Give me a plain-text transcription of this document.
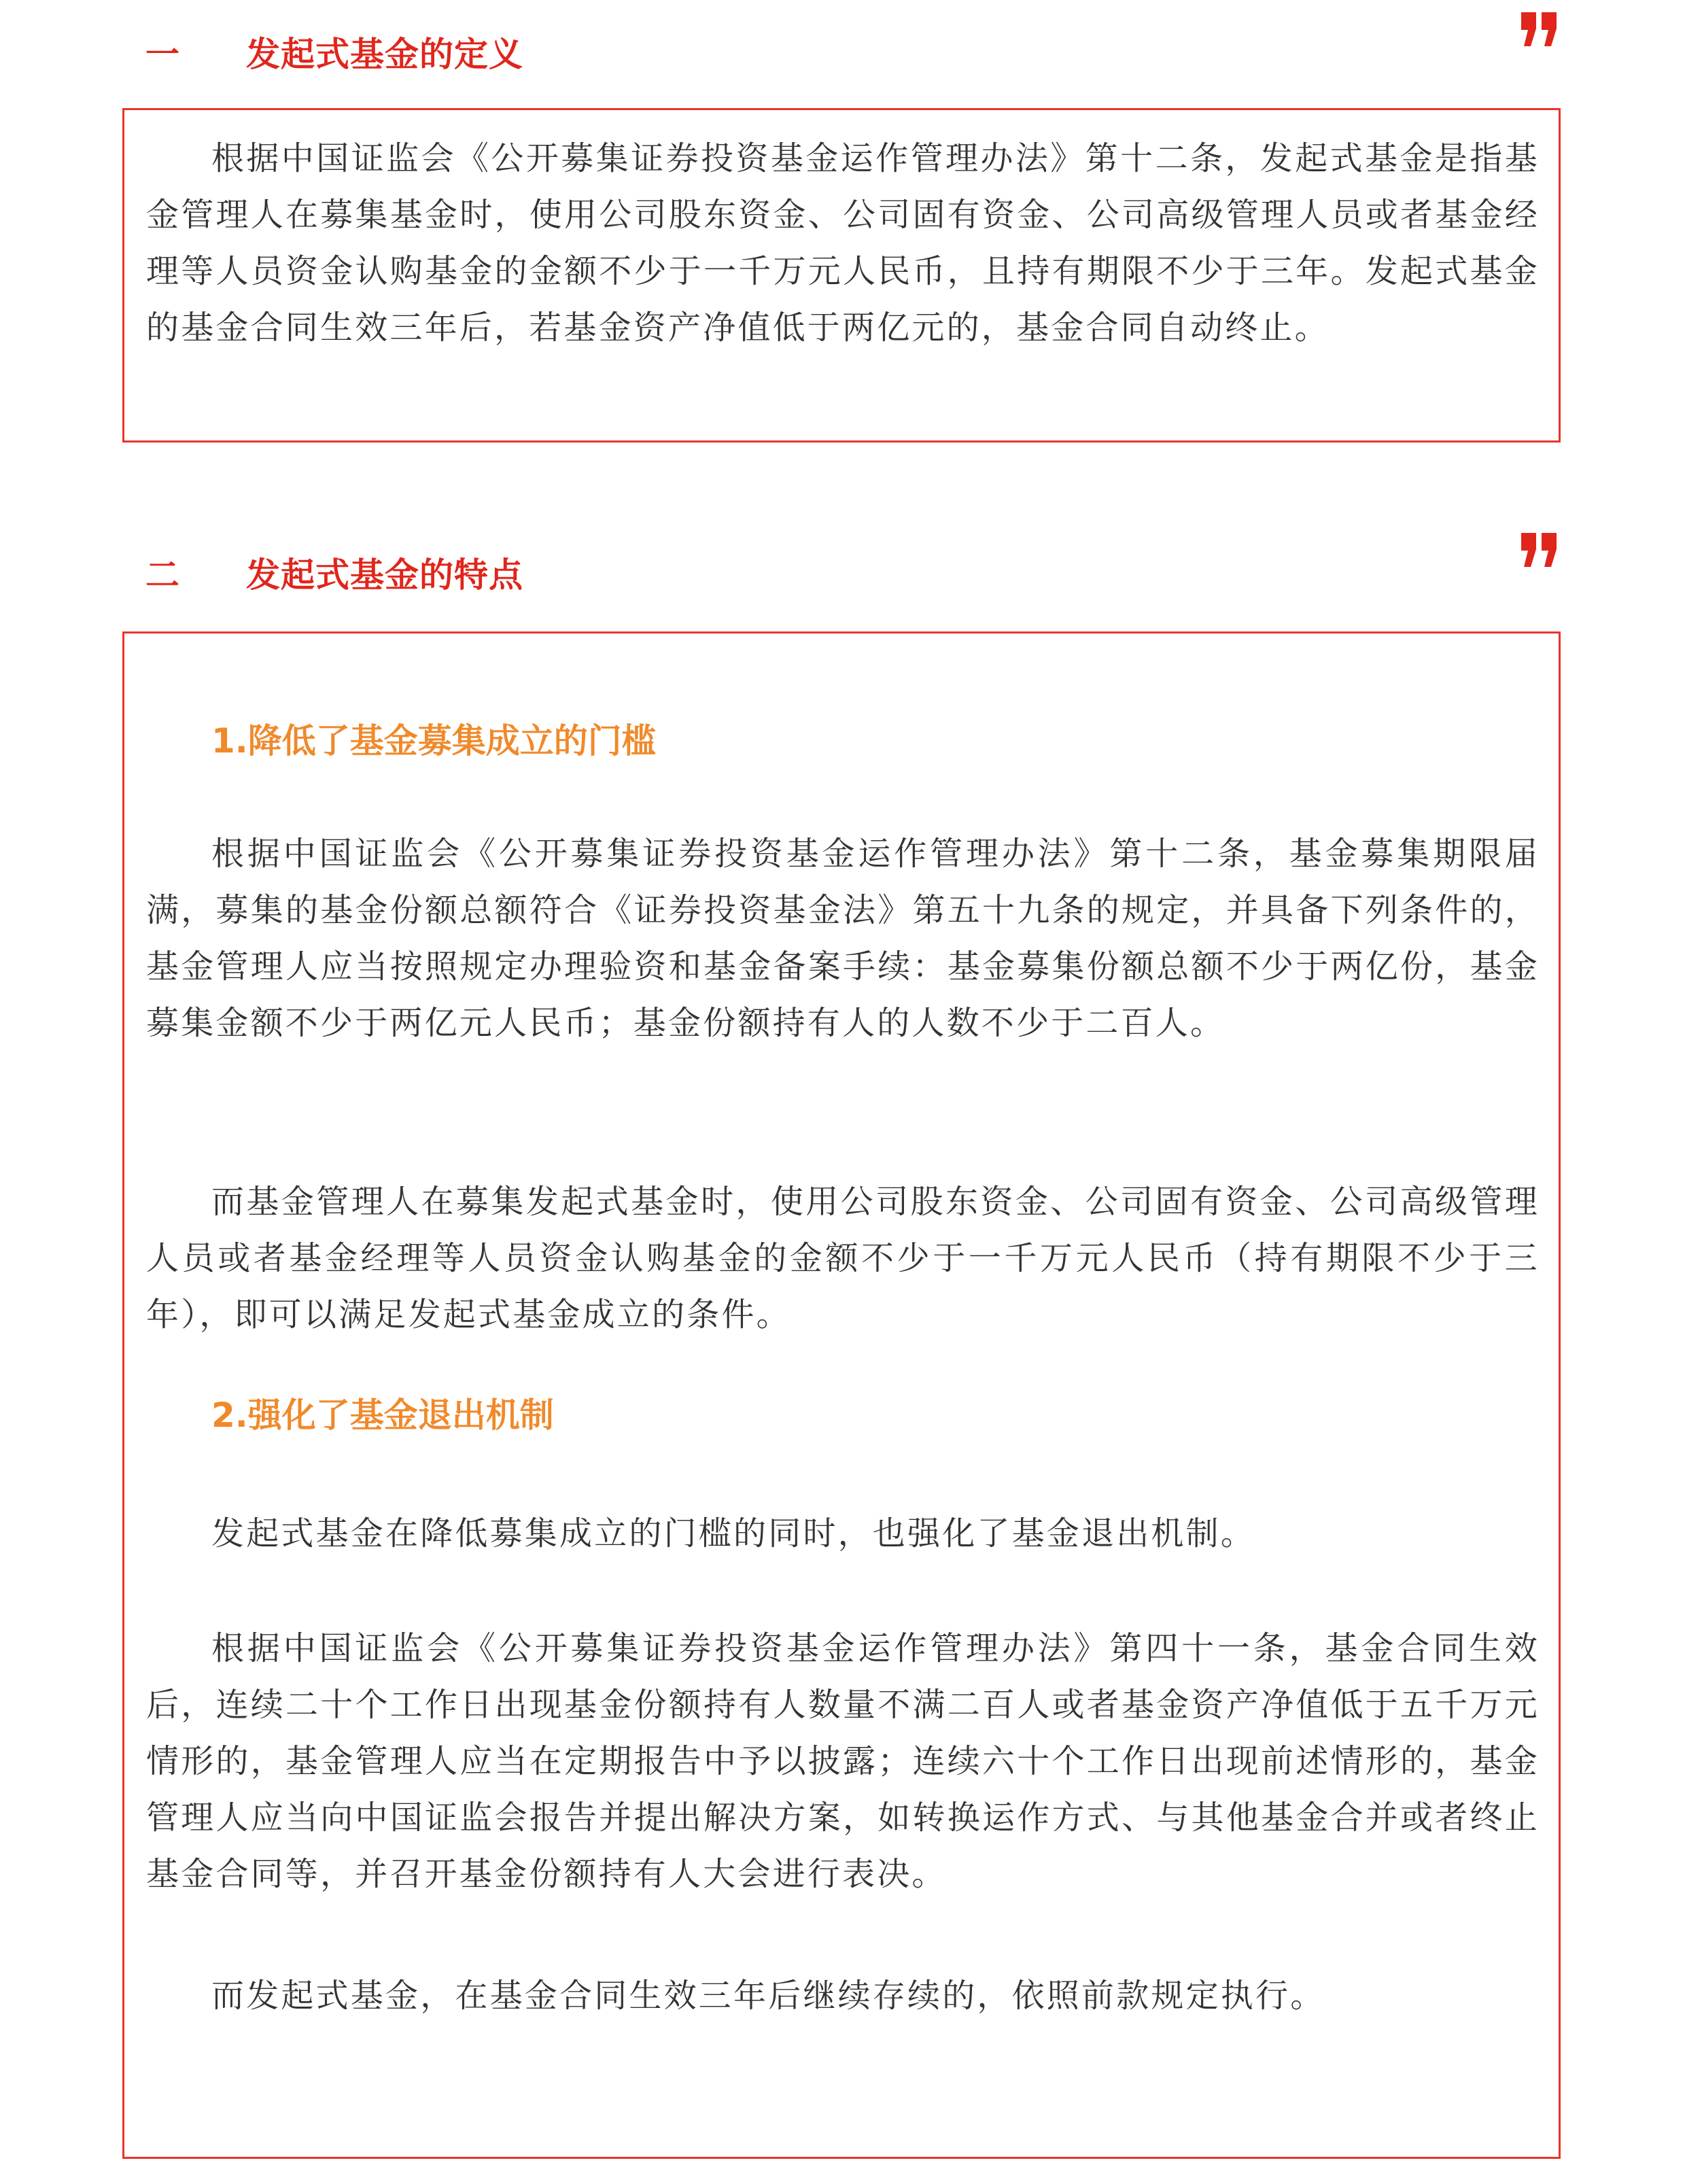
一 发起式基金的定义

根据中国证监会《公开募集证券投资基金运作管理办法》第十二条，发起式基金是指基金管理人在募集基金时，使用公司股东资金、公司固有资金、公司高级管理人员或者基金经理等人员资金认购基金的金额不少于一千万元人民币，且持有期限不少于三年。发起式基金的基金合同生效三年后，若基金资产净值低于两亿元的，基金合同自动终止。

二 发起式基金的特点
1.降低了基金募集成立的门槛

根据中国证监会《公开募集证券投资基金运作管理办法》第十二条，基金募集期限届满，募集的基金份额总额符合《证券投资基金法》第五十九条的规定，并具备下列条件的，基金管理人应当按照规定办理验资和基金备案手续：基金募集份额总额不少于两亿份，基金募集金额不少于两亿元人民币；基金份额持有人的人数不少于二百人。

而基金管理人在募集发起式基金时，使用公司股东资金、公司固有资金、公司高级管理人员或者基金经理等人员资金认购基金的金额不少于一千万元人民币（持有期限不少于三年），即可以满足发起式基金成立的条件。

2.强化了基金退出机制

发起式基金在降低募集成立的门槛的同时，也强化了基金退出机制。

根据中国证监会《公开募集证券投资基金运作管理办法》第四十一条，基金合同生效后，连续二十个工作日出现基金份额持有人数量不满二百人或者基金资产净值低于五千万元情形的，基金管理人应当在定期报告中予以披露；连续六十个工作日出现前述情形的，基金管理人应当向中国证监会报告并提出解决方案，如转换运作方式、与其他基金合并或者终止基金合同等，并召开基金份额持有人大会进行表决。

而发起式基金，在基金合同生效三年后继续存续的，依照前款规定执行。
